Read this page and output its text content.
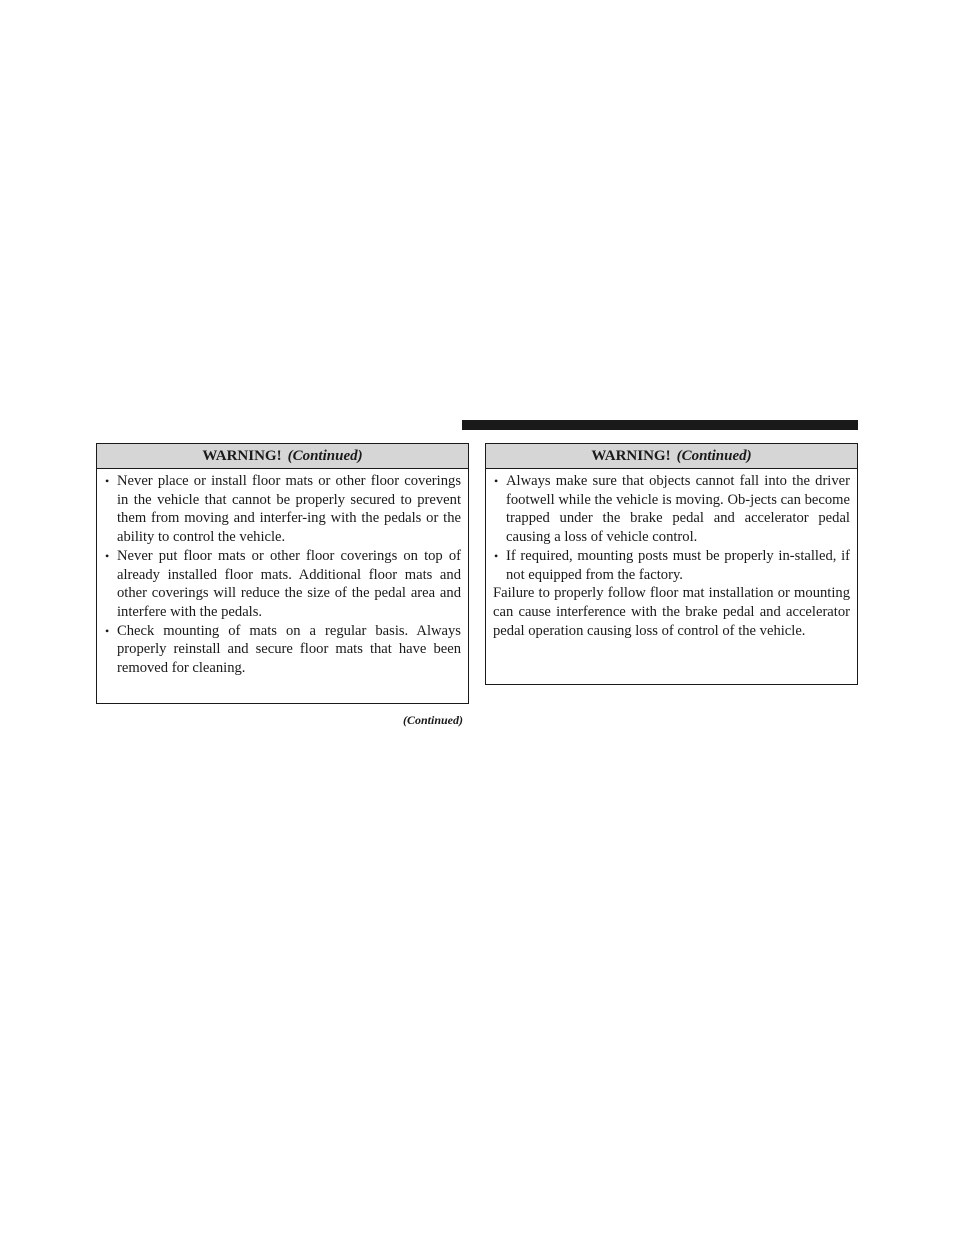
WARNING! (Continued)
• Never place or install floor mats or other floor coverings in the vehicle that cannot be properly secured to prevent them from moving and interfer-ing with the pedals or the ability to control the vehicle.
• Never put floor mats or other floor coverings on top of already installed floor mats. Additional floor mats and other coverings will reduce the size of the pedal area and interfere with the pedals.
• Check mounting of mats on a regular basis. Always properly reinstall and secure floor mats that have been removed for cleaning.
(Continued)
WARNING! (Continued)
• Always make sure that objects cannot fall into the driver footwell while the vehicle is moving. Ob-jects can become trapped under the brake pedal and accelerator pedal causing a loss of vehicle control.
• If required, mounting posts must be properly in-stalled, if not equipped from the factory.

Failure to properly follow floor mat installation or mounting can cause interference with the brake pedal and accelerator pedal operation causing loss of control of the vehicle.
